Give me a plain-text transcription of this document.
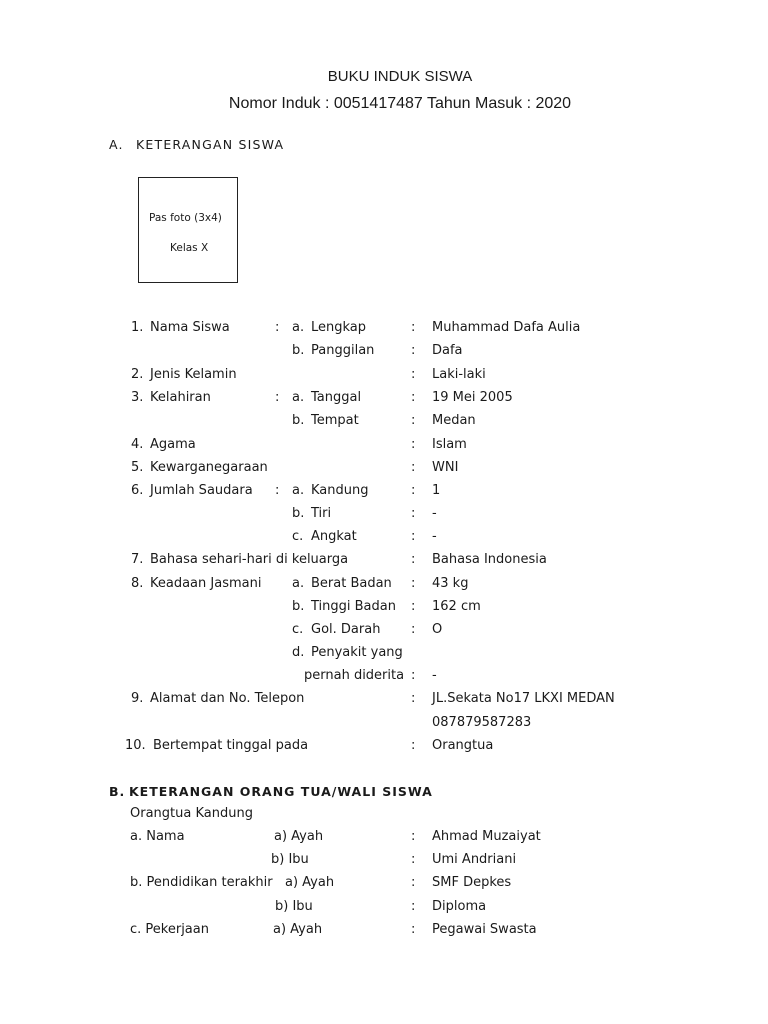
BUKU INDUK SISWA
Nomor Induk : 0051417487 Tahun Masuk : 2020
A. KETERANGAN SISWA
Pas foto (3x4)
Kelas X
1. Nama Siswa	: a. Lengkap	: Muhammad Dafa Aulia
b. Panggilan	: Dafa
2. Jenis Kelamin	: Laki-laki
3. Kelahiran	: a. Tanggal	: 19 Mei 2005
b. Tempat	: Medan
4. Agama	: Islam
5. Kewarganegaraan	: WNI
6. Jumlah Saudara : a. Kandung	: 1
b. Tiri	: -
c. Angkat	: -
7. Bahasa sehari-hari di keluarga	: Bahasa Indonesia
8. Keadaan Jasmani a. Berat Badan : 43 kg
b. Tinggi Badan : 162 cm
c. Gol. Darah : O
d. Penyakit yang
pernah diderita : -
9. Alamat dan No. Telepon	: JL.Sekata No17 LKXI MEDAN
087879587283
10. Bertempat tinggal pada	: Orangtua
B. KETERANGAN ORANG TUA/WALI SISWA
Orangtua Kandung
a. Nama	a) Ayah	: Ahmad Muzaiyat
b) Ibu	: Umi Andriani
b. Pendidikan terakhir a) Ayah	: SMF Depkes
b) Ibu	: Diploma
c. Pekerjaan	a) Ayah	: Pegawai Swasta
